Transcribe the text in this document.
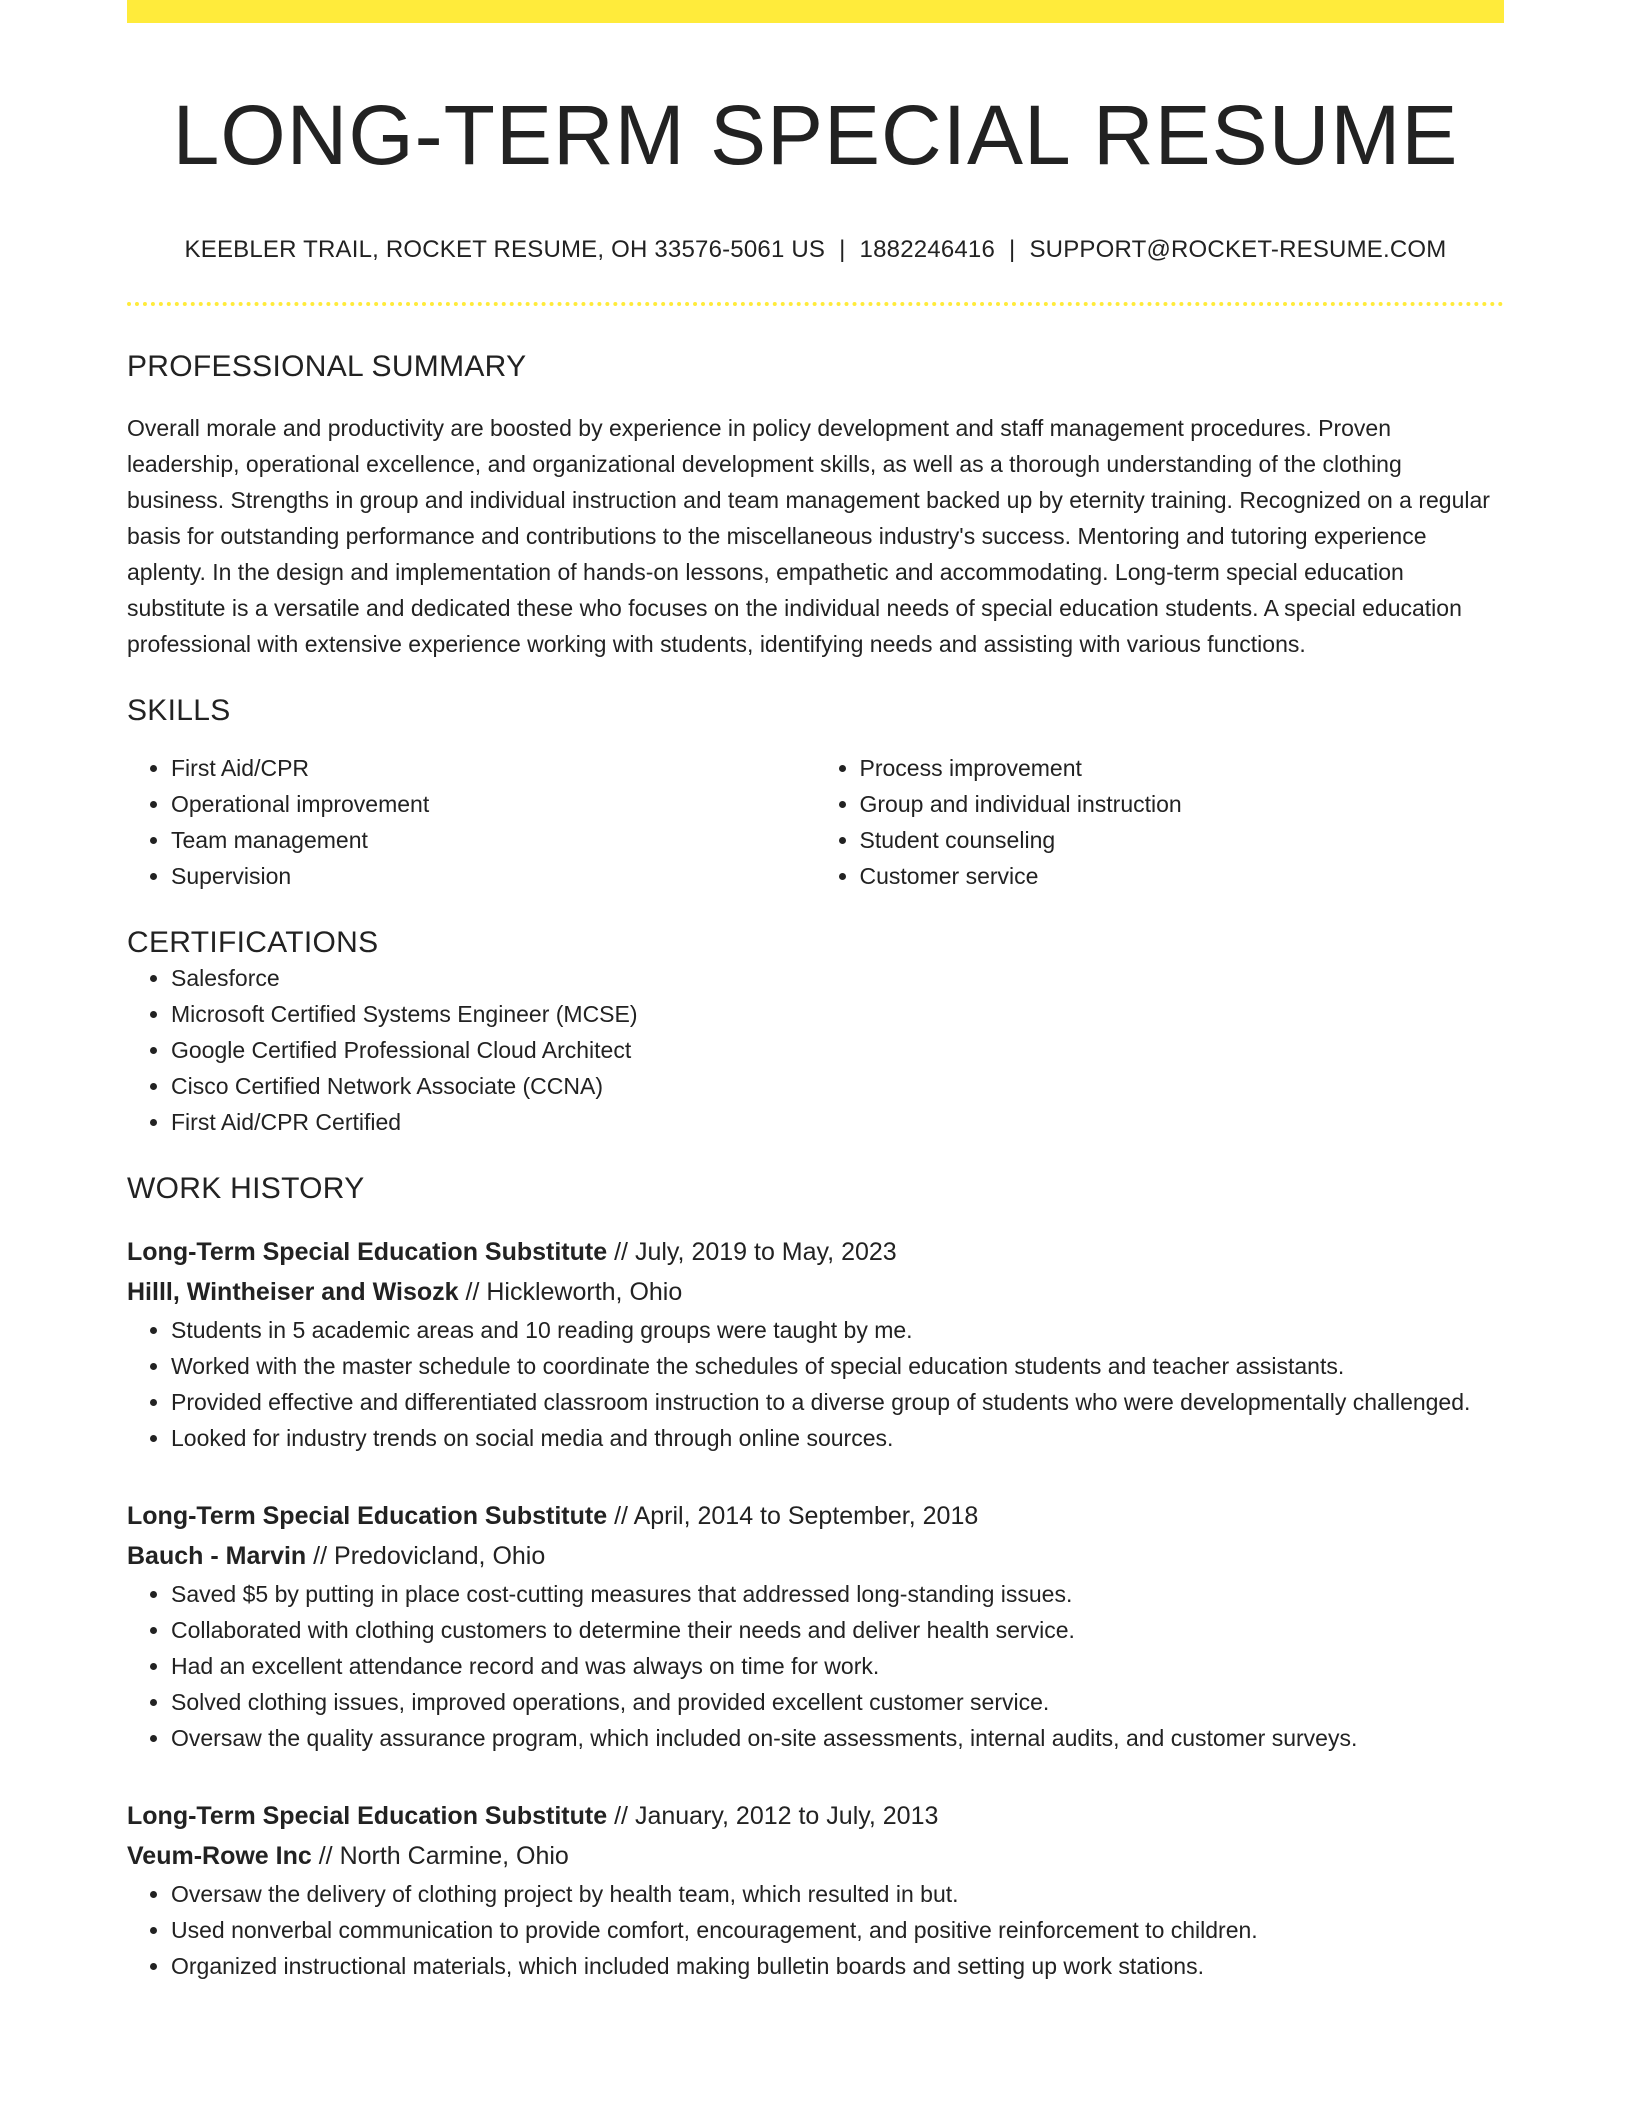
LONG-TERM SPECIAL RESUME
KEEBLER TRAIL, ROCKET RESUME, OH 33576-5061 US | 1882246416 | SUPPORT@ROCKET-RESUME.COM
PROFESSIONAL SUMMARY

Overall morale and productivity are boosted by experience in policy development and staff management procedures. Proven leadership, operational excellence, and organizational development skills, as well as a thorough understanding of the clothing business. Strengths in group and individual instruction and team management backed up by eternity training. Recognized on a regular basis for outstanding performance and contributions to the miscellaneous industry's success. Mentoring and tutoring experience aplenty. In the design and implementation of hands-on lessons, empathetic and accommodating. Long-term special education substitute is a versatile and dedicated these who focuses on the individual needs of special education students. A special education professional with extensive experience working with students, identifying needs and assisting with various functions.

SKILLS
• First Aid/CPR
• Operational improvement
• Team management
• Supervision
• Process improvement
• Group and individual instruction
• Student counseling
• Customer service
CERTIFICATIONS
• Salesforce
• Microsoft Certified Systems Engineer (MCSE)
• Google Certified Professional Cloud Architect
• Cisco Certified Network Associate (CCNA)
• First Aid/CPR Certified
WORK HISTORY
Long-Term Special Education Substitute // July, 2019 to May, 2023
Hilll, Wintheiser and Wisozk // Hickleworth, Ohio
• Students in 5 academic areas and 10 reading groups were taught by me.
• Worked with the master schedule to coordinate the schedules of special education students and teacher assistants.
• Provided effective and differentiated classroom instruction to a diverse group of students who were developmentally challenged.
• Looked for industry trends on social media and through online sources.
Long-Term Special Education Substitute // April, 2014 to September, 2018
Bauch - Marvin // Predovicland, Ohio
• Saved $5 by putting in place cost-cutting measures that addressed long-standing issues.
• Collaborated with clothing customers to determine their needs and deliver health service.
• Had an excellent attendance record and was always on time for work.
• Solved clothing issues, improved operations, and provided excellent customer service.
• Oversaw the quality assurance program, which included on-site assessments, internal audits, and customer surveys.
Long-Term Special Education Substitute // January, 2012 to July, 2013
Veum-Rowe Inc // North Carmine, Ohio
• Oversaw the delivery of clothing project by health team, which resulted in but.
• Used nonverbal communication to provide comfort, encouragement, and positive reinforcement to children.
• Organized instructional materials, which included making bulletin boards and setting up work stations.
